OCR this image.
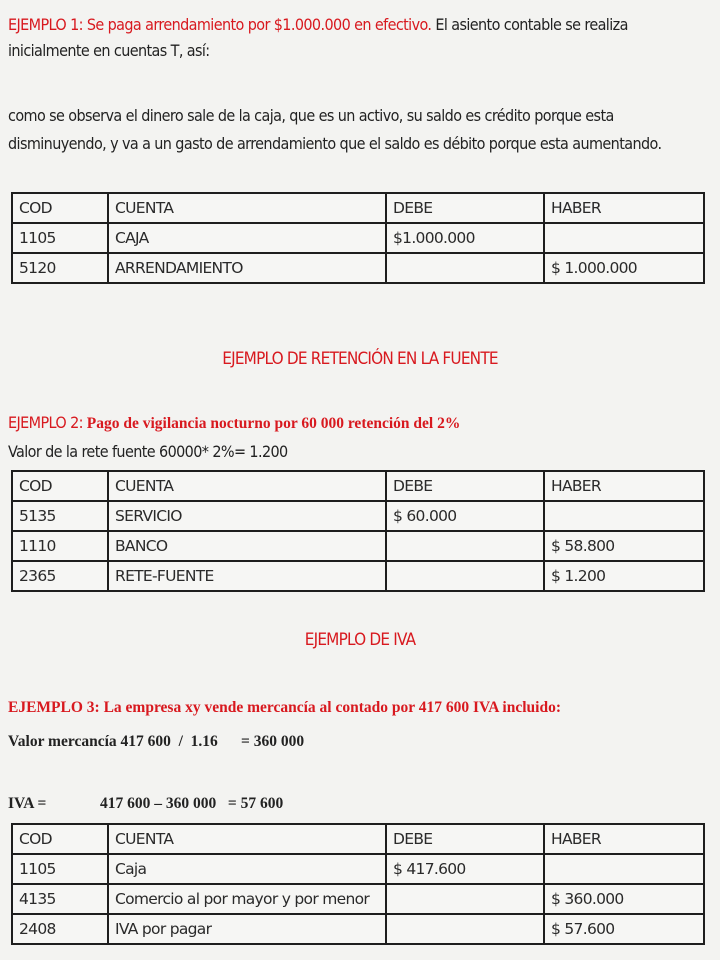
EJEMPLO 1: Se paga arrendamiento por $1.000.000 en efectivo. El asiento contable se realiza
inicialmente en cuentas T, así:
como se observa el dinero sale de la caja, que es un activo, su saldo es crédito porque esta
disminuyendo, y va a un gasto de arrendamiento que el saldo es débito porque esta aumentando.
COD	CUENTA	DEBE	HABER
1105	CAJA	$1.000.000	
5120	ARRENDAMIENTO		$ 1.000.000
EJEMPLO DE RETENCIÓN EN LA FUENTE
EJEMPLO 2: Pago de vigilancia nocturno por 60 000 retención del 2%
Valor de la rete fuente 60000* 2%= 1.200
COD	CUENTA	DEBE	HABER
5135	SERVICIO	$ 60.000	
1110	BANCO		$ 58.800
2365	RETE-FUENTE		$ 1.200
EJEMPLO DE IVA
EJEMPLO 3: La empresa xy vende mercancía al contado por 417 600 IVA incluido:
Valor mercancía 417 600  /  1.16      = 360 000
IVA =	417 600 – 360 000   = 57 600
COD	CUENTA	DEBE	HABER
1105	Caja	$ 417.600	
4135	Comercio al por mayor y por menor		$ 360.000
2408	IVA por pagar		$ 57.600
